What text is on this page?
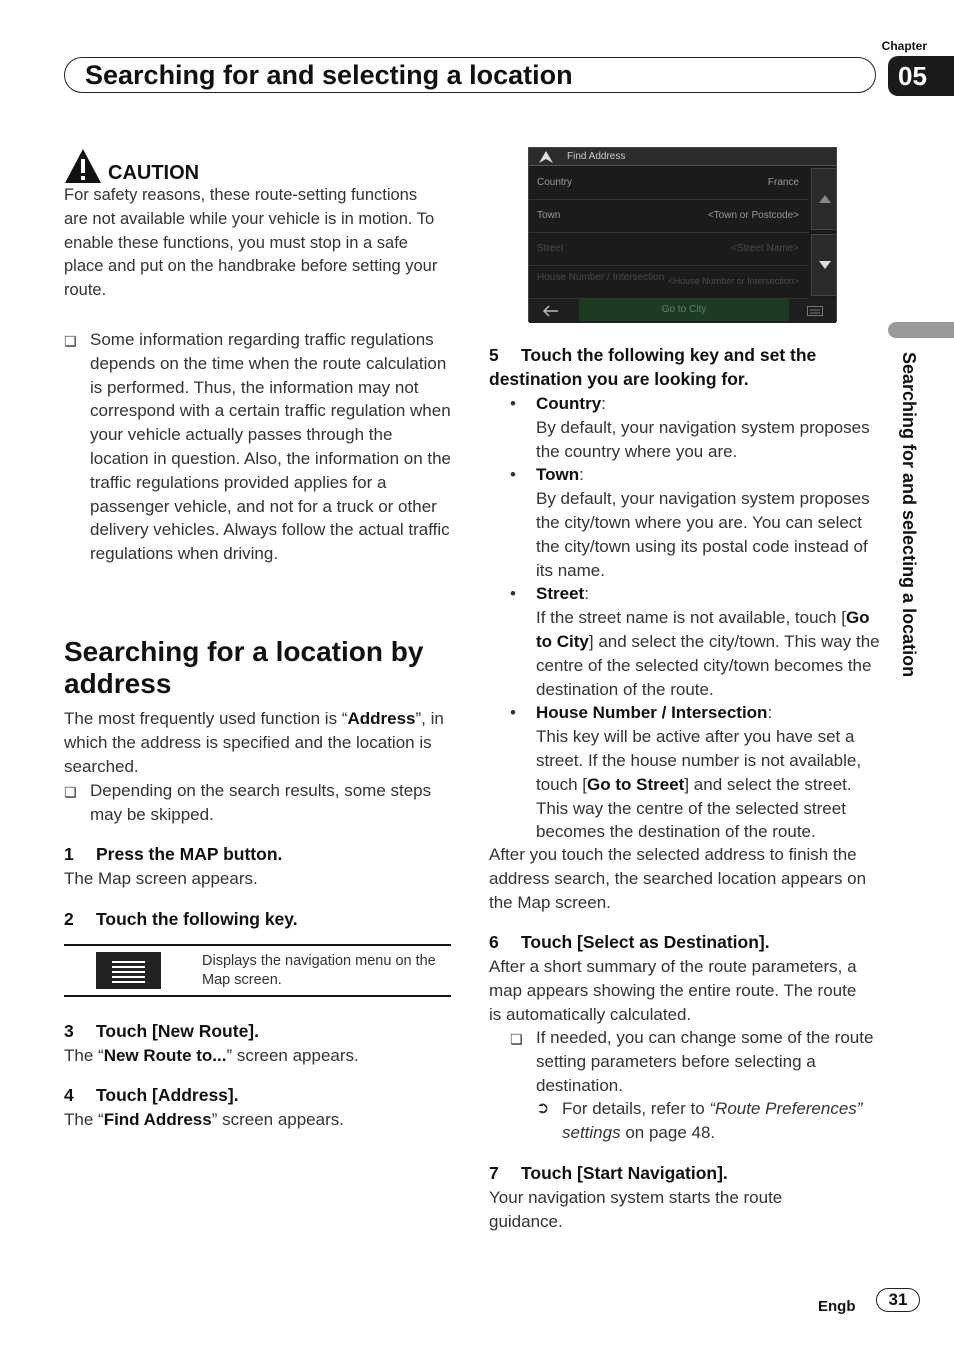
Chapter
05
Searching for and selecting a location
Searching for and selecting a location
CAUTION

For safety reasons, these route-setting functions are not available while your vehicle is in motion. To enable these functions, you must stop in a safe place and put on the handbrake before setting your route.

❏ Some information regarding traffic regulations depends on the time when the route calculation is performed. Thus, the information may not correspond with a certain traffic regulation when your vehicle actually passes through the location in question. Also, the information on the traffic regulations provided applies for a passenger vehicle, and not for a truck or other delivery vehicles. Always follow the actual traffic regulations when driving.
Searching for a location by address

The most frequently used function is “Address”, in which the address is specified and the location is searched.

❏ Depending on the search results, some steps may be skipped.
1 Press the MAP button.

The Map screen appears.

2 Touch the following key.
Displays the navigation menu on the Map screen.
3 Touch [New Route].

The “New Route to...” screen appears.

4 Touch [Address].

The “Find Address” screen appears.

Find Address
Country	France
Town	<Town or Postcode>
Street	<Street Name>
House Number / Intersection <House Number or Intersection>
Go to City
5 Touch the following key and set the destination you are looking for.
•	Country:
By default, your navigation system proposes the country where you are.
•	Town:
By default, your navigation system proposes the city/town where you are. You can select the city/town using its postal code instead of its name.
•	Street:
If the street name is not available, touch [Go to City] and select the city/town. This way the centre of the selected city/town becomes the destination of the route.
•	House Number / Intersection:
This key will be active after you have set a street. If the house number is not available, touch [Go to Street] and select the street. This way the centre of the selected street becomes the destination of the route.

After you touch the selected address to finish the address search, the searched location appears on the Map screen.

6 Touch [Select as Destination].

After a short summary of the route parameters, a map appears showing the entire route. The route is automatically calculated.

❏ If needed, you can change some of the route setting parameters before selecting a destination.
➲ For details, refer to “Route Preferences” settings on page 48.
7 Touch [Start Navigation].

Your navigation system starts the route guidance.

Engb	31
